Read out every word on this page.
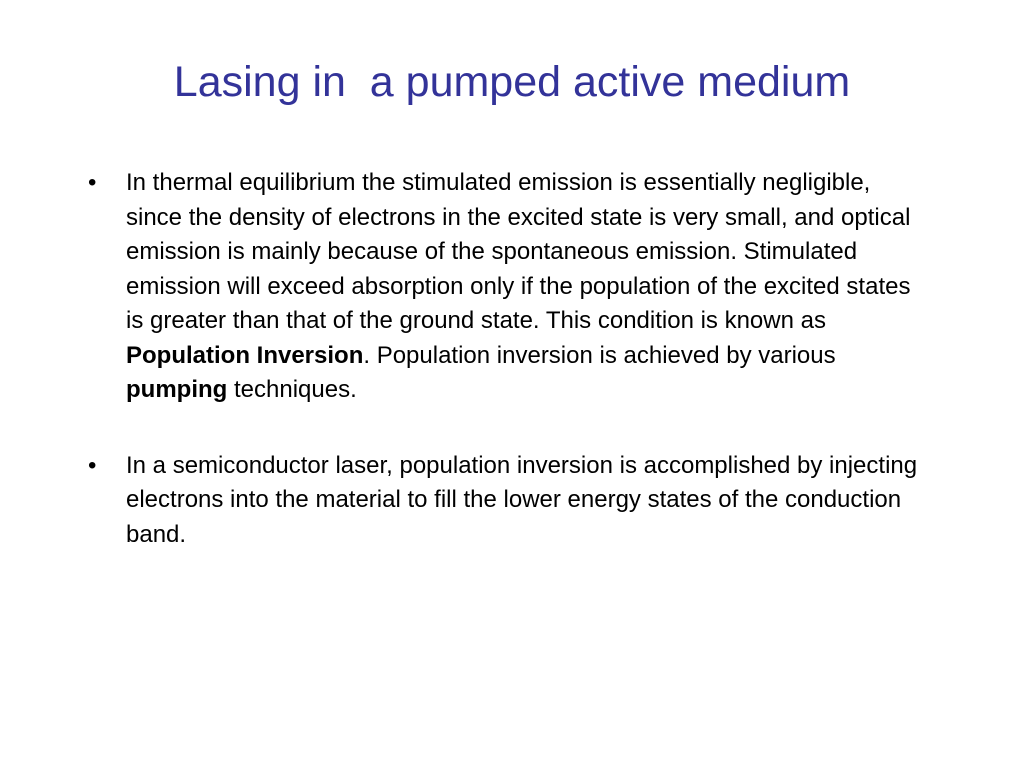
Lasing in  a pumped active medium
• In thermal equilibrium the stimulated emission is essentially negligible, since the density of electrons in the excited state is very small, and optical emission is mainly because of the spontaneous emission. Stimulated emission will exceed absorption only if the population of the excited states is greater than that of the ground state. This condition is known as Population Inversion. Population inversion is achieved by various pumping techniques.
• In a semiconductor laser, population inversion is accomplished by injecting electrons into the material to fill the lower energy states of the conduction band.
